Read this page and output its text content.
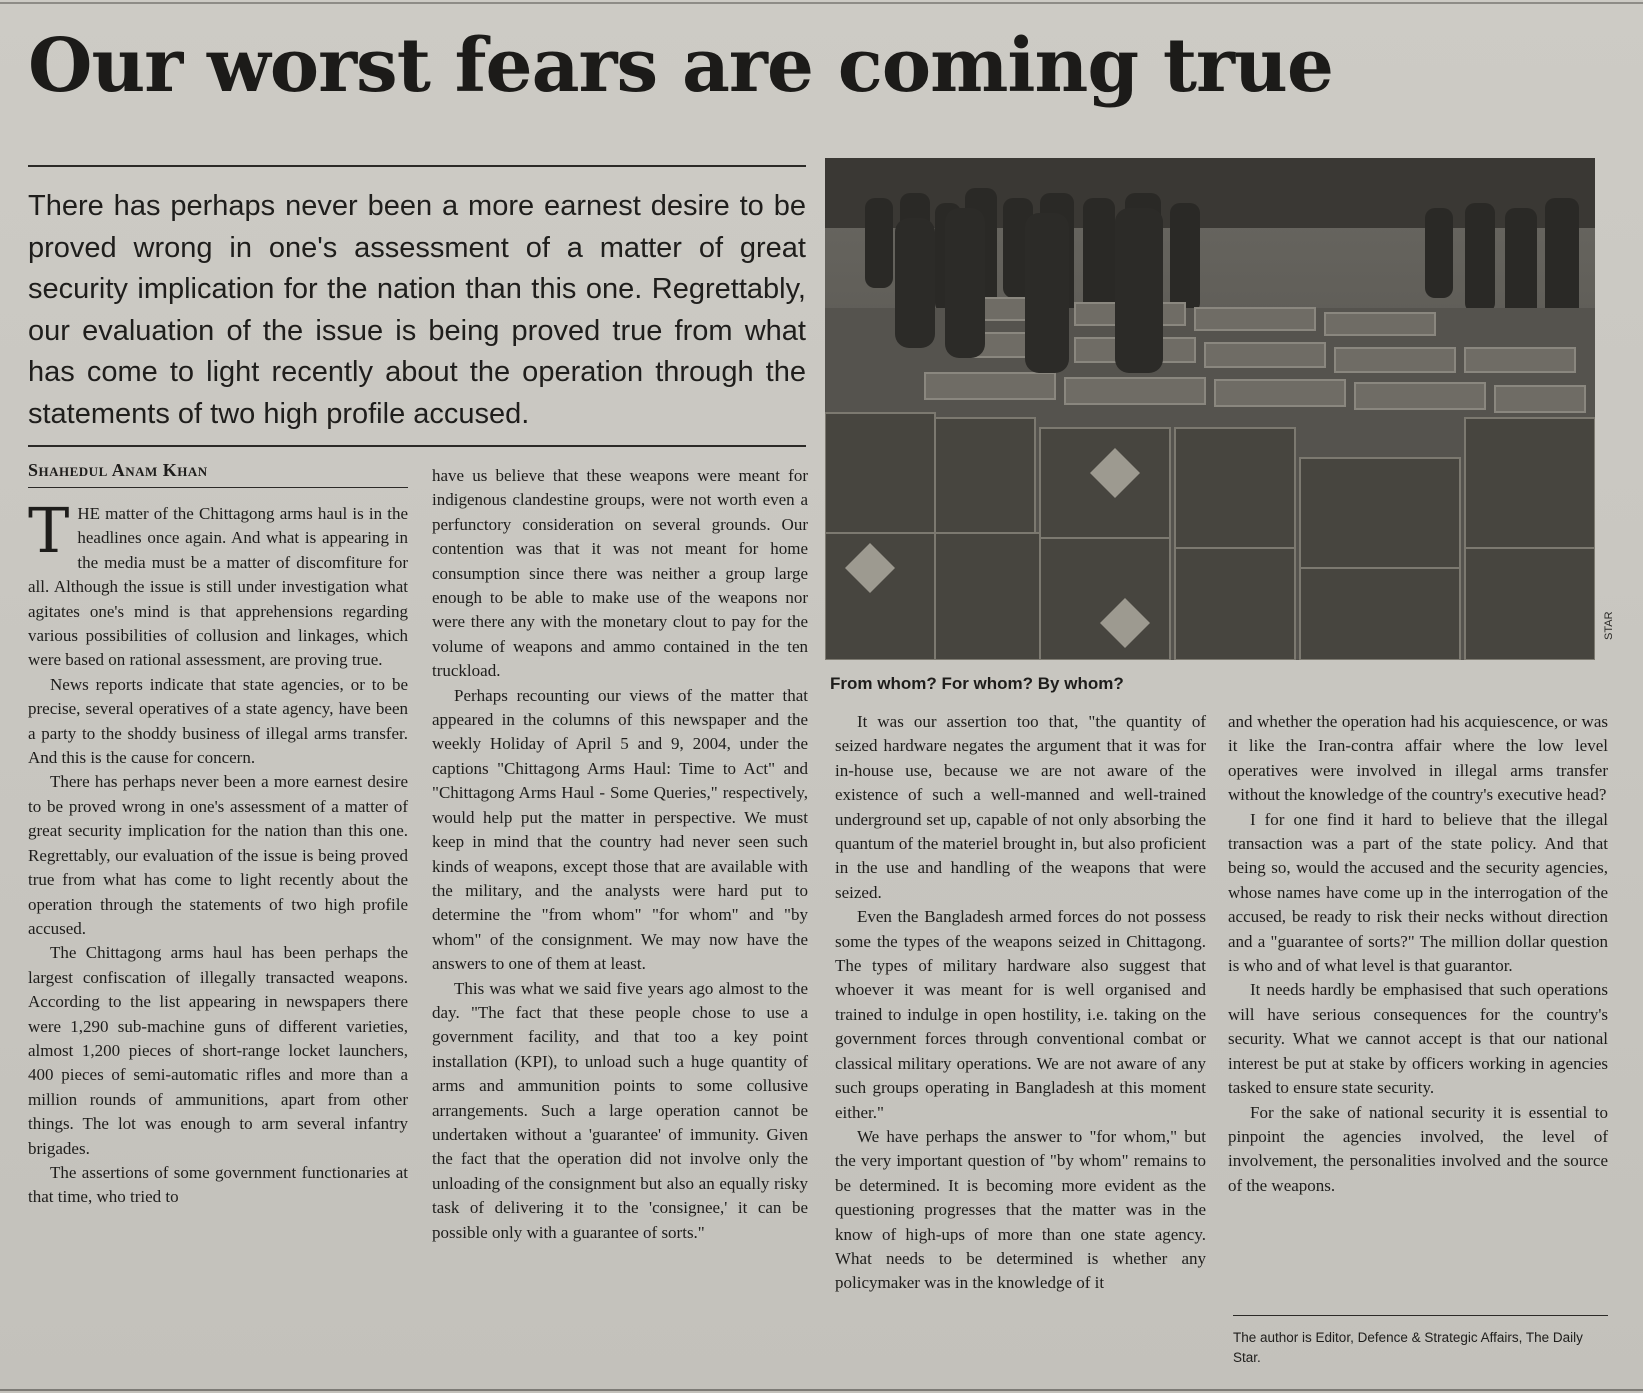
Our worst fears are coming true

There has perhaps never been a more earnest desire to be proved wrong in one's assessment of a matter of great security implication for the nation than this one. Regrettably, our evaluation of the issue is being proved true from what has come to light recently about the operation through the statements of two high profile accused.

Shahedul Anam Khan

THE matter of the Chittagong arms haul is in the headlines once again. And what is appearing in the media must be a matter of discomfiture for all. Although the issue is still under investigation what agitates one's mind is that apprehensions regarding various possibilities of collusion and linkages, which were based on rational assessment, are proving true.

News reports indicate that state agencies, or to be precise, several operatives of a state agency, have been a party to the shoddy business of illegal arms transfer. And this is the cause for concern.

There has perhaps never been a more earnest desire to be proved wrong in one's assessment of a matter of great security implication for the nation than this one. Regrettably, our evaluation of the issue is being proved true from what has come to light recently about the operation through the statements of two high profile accused.

The Chittagong arms haul has been perhaps the largest confiscation of illegally transacted weapons. According to the list appearing in newspapers there were 1,290 sub-machine guns of different varieties, almost 1,200 pieces of short-range locket launchers, 400 pieces of semi-automatic rifles and more than a million rounds of ammunitions, apart from other things. The lot was enough to arm several infantry brigades.

The assertions of some government functionaries at that time, who tried to

have us believe that these weapons were meant for indigenous clandestine groups, were not worth even a perfunctory consideration on several grounds. Our contention was that it was not meant for home consumption since there was neither a group large enough to be able to make use of the weapons nor were there any with the monetary clout to pay for the volume of weapons and ammo contained in the ten truckload.

Perhaps recounting our views of the matter that appeared in the columns of this newspaper and the weekly Holiday of April 5 and 9, 2004, under the captions "Chittagong Arms Haul: Time to Act" and "Chittagong Arms Haul - Some Queries," respectively, would help put the matter in perspective. We must keep in mind that the country had never seen such kinds of weapons, except those that are available with the military, and the analysts were hard put to determine the "from whom" "for whom" and "by whom" of the consignment. We may now have the answers to one of them at least.

This was what we said five years ago almost to the day. "The fact that these people chose to use a government facility, and that too a key point installation (KPI), to unload such a huge quantity of arms and ammunition points to some collusive arrangements. Such a large operation cannot be undertaken without a 'guarantee' of immunity. Given the fact that the operation did not involve only the unloading of the consignment but also an equally risky task of delivering it to the 'consignee,' it can be possible only with a guarantee of sorts."

STAR

From whom? For whom? By whom?

It was our assertion too that, "the quantity of seized hardware negates the argument that it was for in-house use, because we are not aware of the existence of such a well-manned and well-trained underground set up, capable of not only absorbing the quantum of the materiel brought in, but also proficient in the use and handling of the weapons that were seized.

Even the Bangladesh armed forces do not possess some the types of the weapons seized in Chittagong. The types of military hardware also suggest that whoever it was meant for is well organised and trained to indulge in open hostility, i.e. taking on the government forces through conventional combat or classical military operations. We are not aware of any such groups operating in Bangladesh at this moment either."

We have perhaps the answer to "for whom," but the very important question of "by whom" remains to be determined. It is becoming more evident as the questioning progresses that the matter was in the know of high-ups of more than one state agency. What needs to be determined is whether any policymaker was in the knowledge of it

and whether the operation had his acquiescence, or was it like the Iran-contra affair where the low level operatives were involved in illegal arms transfer without the knowledge of the country's executive head?

I for one find it hard to believe that the illegal transaction was a part of the state policy. And that being so, would the accused and the security agencies, whose names have come up in the interrogation of the accused, be ready to risk their necks without direction and a "guarantee of sorts?" The million dollar question is who and of what level is that guarantor.

It needs hardly be emphasised that such operations will have serious consequences for the country's security. What we cannot accept is that our national interest be put at stake by officers working in agencies tasked to ensure state security.

For the sake of national security it is essential to pinpoint the agencies involved, the level of involvement, the personalities involved and the source of the weapons.

The author is Editor, Defence & Strategic Affairs, The Daily Star.
